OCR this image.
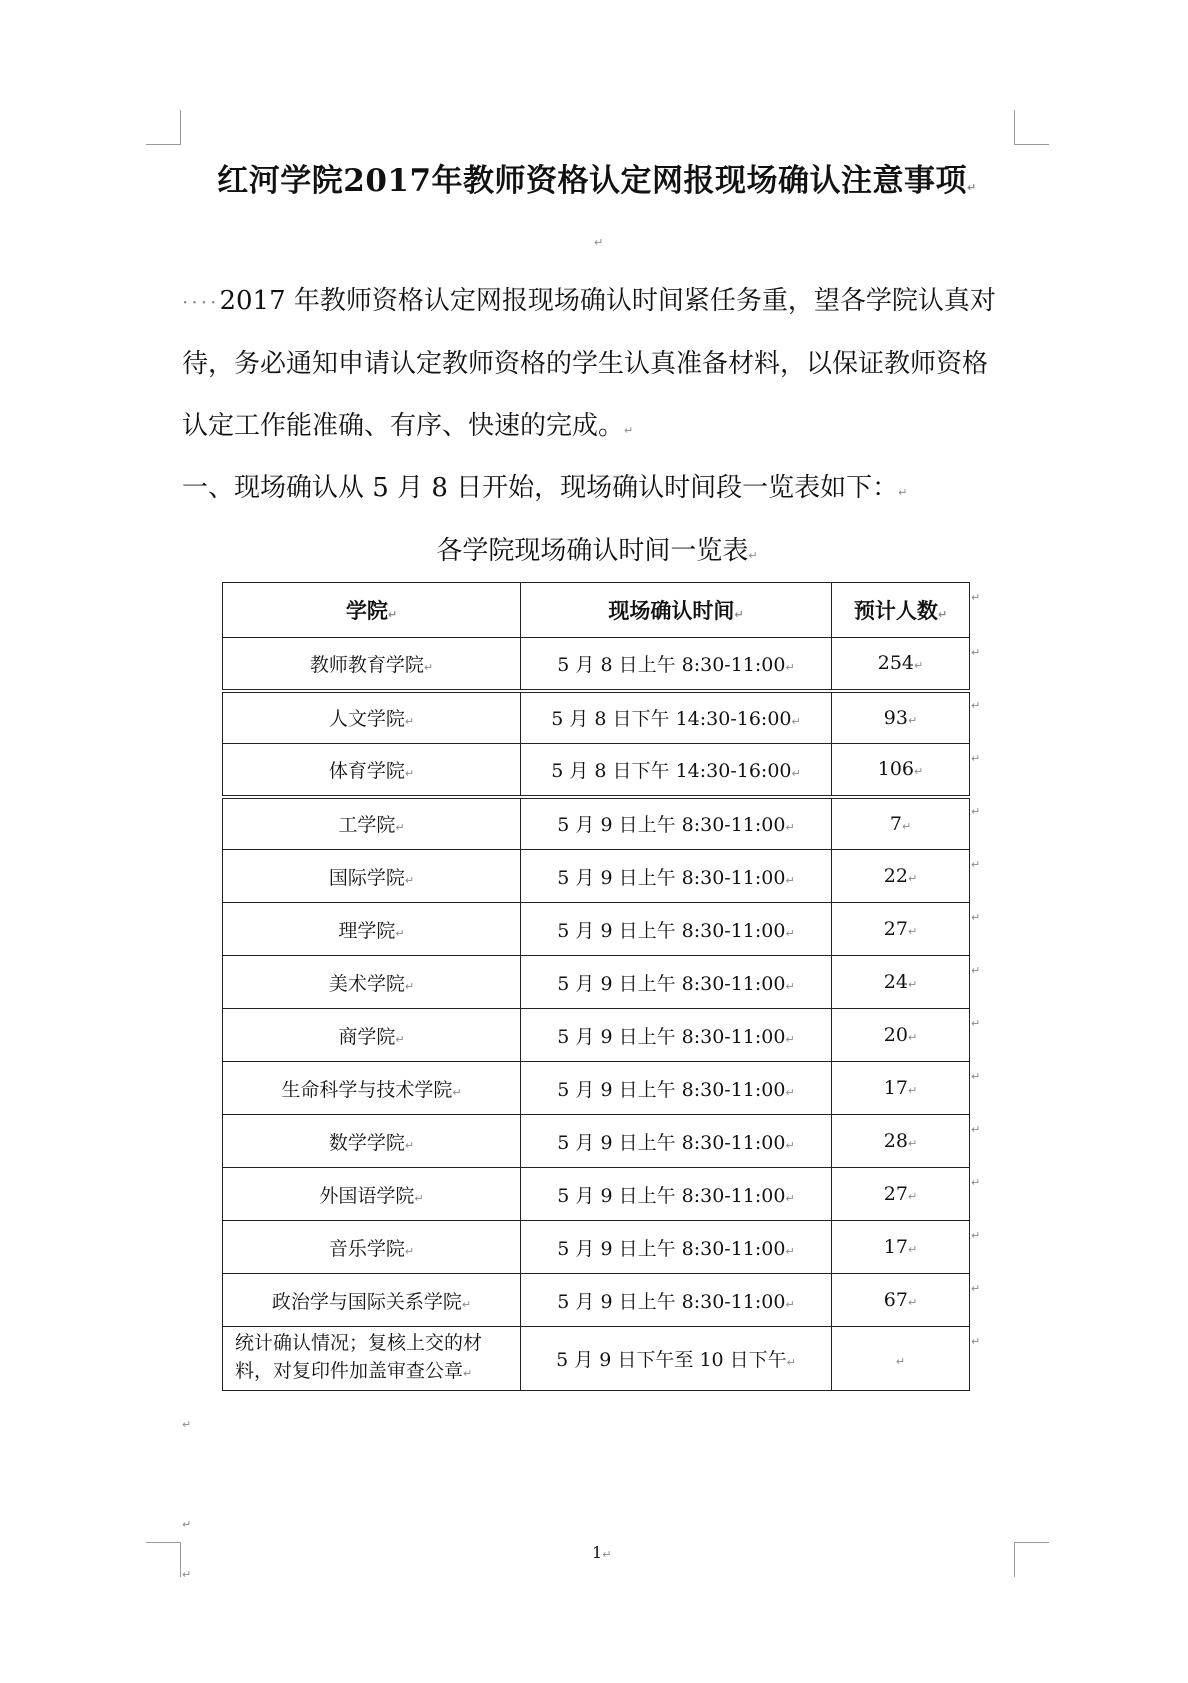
红河学院2017年教师资格认定网报现场确认注意事项↵
↵
····2017 年教师资格认定网报现场确认时间紧任务重，望各学院认真对待，务必通知申请认定教师资格的学生认真准备材料，以保证教师资格认定工作能准确、有序、快速的完成。↵
一、现场确认从 5 月 8 日开始，现场确认时间段一览表如下：↵
各学院现场确认时间一览表↵
学院↵	现场确认时间↵	预计人数↵
教师教育学院↵	5 月 8 日上午 8:30-11:00↵	254↵
人文学院↵	5 月 8 日下午 14:30-16:00↵	93↵
体育学院↵	5 月 8 日下午 14:30-16:00↵	106↵
工学院↵	5 月 9 日上午 8:30-11:00↵	7↵
国际学院↵	5 月 9 日上午 8:30-11:00↵	22↵
理学院↵	5 月 9 日上午 8:30-11:00↵	27↵
美术学院↵	5 月 9 日上午 8:30-11:00↵	24↵
商学院↵	5 月 9 日上午 8:30-11:00↵	20↵
生命科学与技术学院↵	5 月 9 日上午 8:30-11:00↵	17↵
数学学院↵	5 月 9 日上午 8:30-11:00↵	28↵
外国语学院↵	5 月 9 日上午 8:30-11:00↵	27↵
音乐学院↵	5 月 9 日上午 8:30-11:00↵	17↵
政治学与国际关系学院↵	5 月 9 日上午 8:30-11:00↵	67↵
统计确认情况；复核上交的材料，对复印件加盖审查公章↵	5 月 9 日下午至 10 日下午↵	↵
↵
↵
↵
↵
↵
↵
↵
↵
↵
↵
↵
↵
↵
↵
↵
↵
↵
↵
1↵
